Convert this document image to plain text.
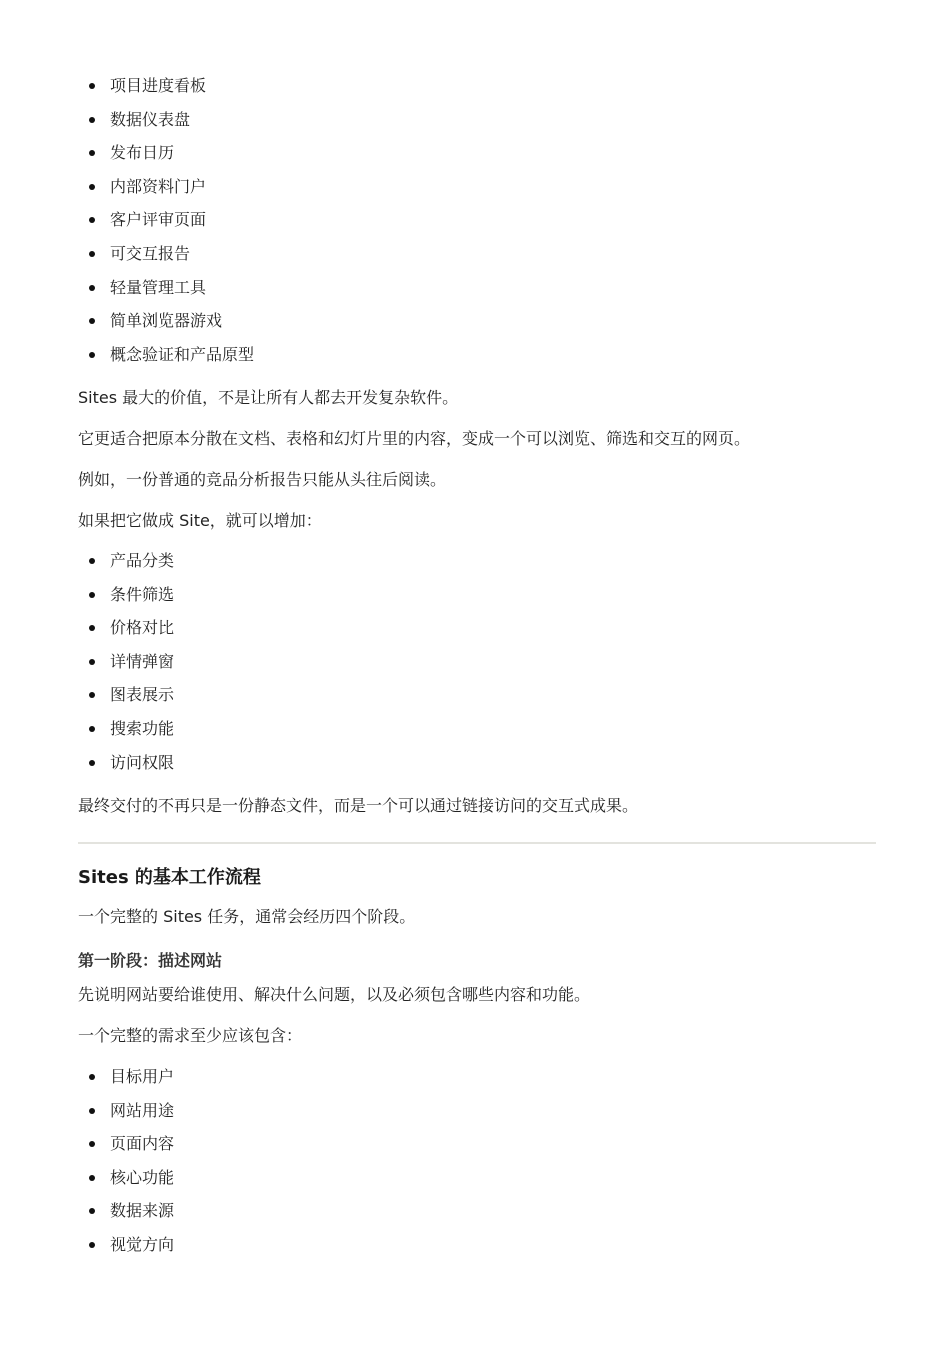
项目进度看板
数据仪表盘
发布日历
内部资料门户
客户评审页面
可交互报告
轻量管理工具
简单浏览器游戏
概念验证和产品原型
Sites 最大的价值，不是让所有人都去开发复杂软件。
它更适合把原本分散在文档、表格和幻灯片里的内容，变成一个可以浏览、筛选和交互的网页。
例如，一份普通的竞品分析报告只能从头往后阅读。
如果把它做成 Site，就可以增加：
产品分类
条件筛选
价格对比
详情弹窗
图表展示
搜索功能
访问权限
最终交付的不再只是一份静态文件，而是一个可以通过链接访问的交互式成果。
Sites 的基本工作流程
一个完整的 Sites 任务，通常会经历四个阶段。
第一阶段：描述网站
先说明网站要给谁使用、解决什么问题，以及必须包含哪些内容和功能。
一个完整的需求至少应该包含：
目标用户
网站用途
页面内容
核心功能
数据来源
视觉方向
